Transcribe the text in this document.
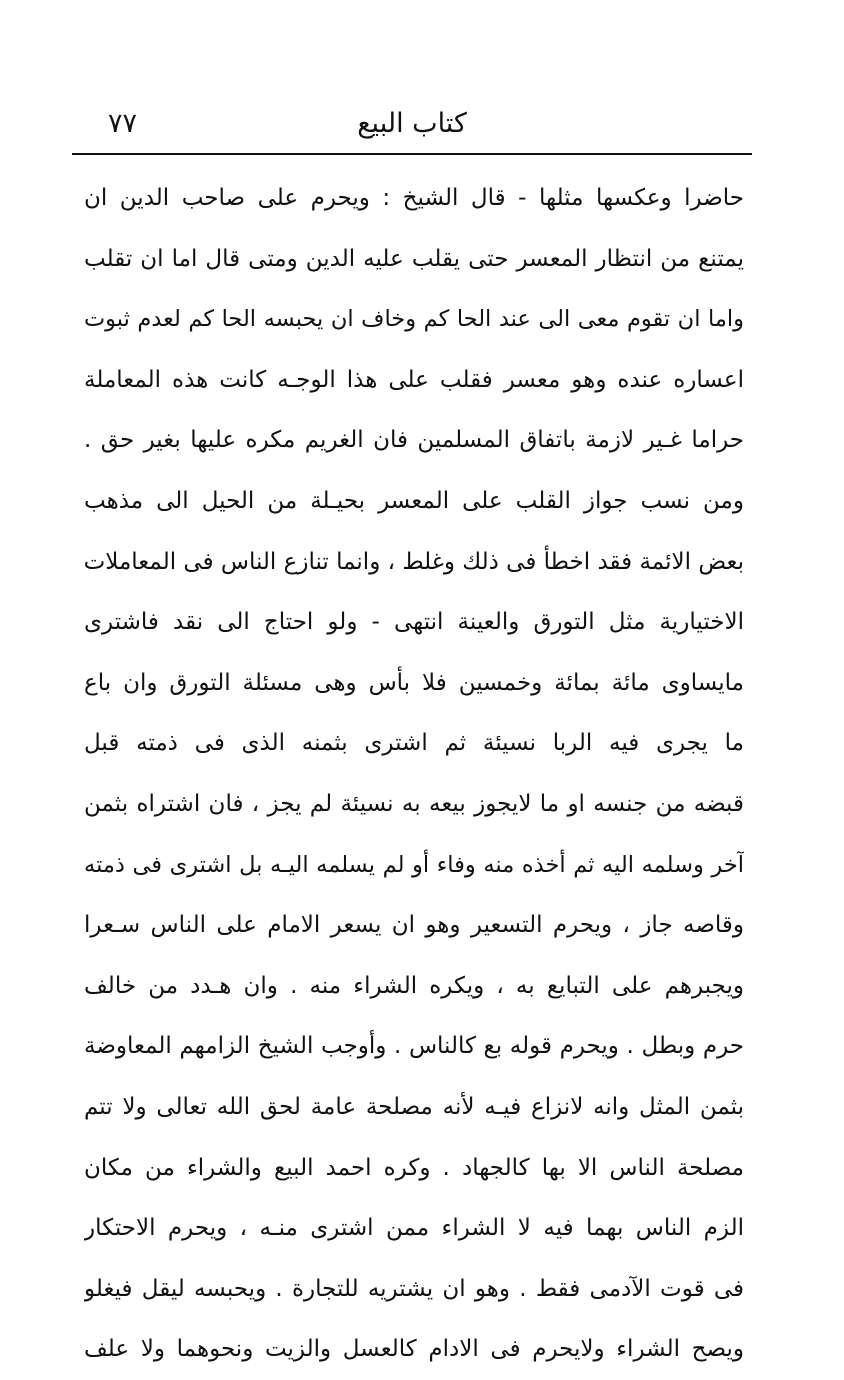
كتاب البيع
٧٧
حاضرا وعكسها مثلها - قال الشيخ : ويحرم على صاحب الدين ان
يمتنع من انتظار المعسر حتى يقلب عليه الدين ومتى قال اما ان تقلب
واما ان تقوم معى الى عند الحا كم وخاف ان يحبسه الحا كم لعدم ثبوت
اعساره عنده وهو معسر فقلب على هذا الوجـه كانت هذه المعاملة
حراما غـير لازمة باتفاق المسلمين فان الغريم مكره عليها بغير حق .
ومن نسب جواز القلب على المعسر بحيـلة من الحيل الى مذهب
بعض الائمة فقد اخطأ فى ذلك وغلط ، وانما تنازع الناس فى المعاملات
الاختيارية مثل التورق والعينة انتهى - ولو احتاج الى نقد فاشترى
مايساوى مائة بمائة وخمسين فلا بأس وهى مسئلة التورق وان باع
ما يجرى فيه الربا نسيئة ثم اشترى بثمنه الذى فى ذمته قبل
قبضه من جنسه او ما لايجوز بيعه به نسيئة لم يجز ، فان اشتراه بثمن
آخر وسلمه اليه ثم أخذه منه وفاء أو لم يسلمه اليـه بل اشترى فى ذمته
وقاصه جاز ، ويحرم التسعير وهو ان يسعر الامام على الناس سـعرا
ويجبرهم على التبايع به ، ويكره الشراء منه . وان هـدد من خالف
حرم وبطل . ويحرم قوله بع كالناس . وأوجب الشيخ الزامهم المعاوضة
بثمن المثل وانه لانزاع فيـه لأنه مصلحة عامة لحق الله تعالى ولا تتم
مصلحة الناس الا بها كالجهاد . وكره احمد البيع والشراء من مكان
الزم الناس بهما فيه لا الشراء ممن اشترى منـه ، ويحرم الاحتكار
فى قوت الآدمى فقط . وهو ان يشتريه للتجارة . ويحبسه ليقل فيغلو
ويصح الشراء ولايحرم فى الادام كالعسل والزيت ونحوهما ولا علف
